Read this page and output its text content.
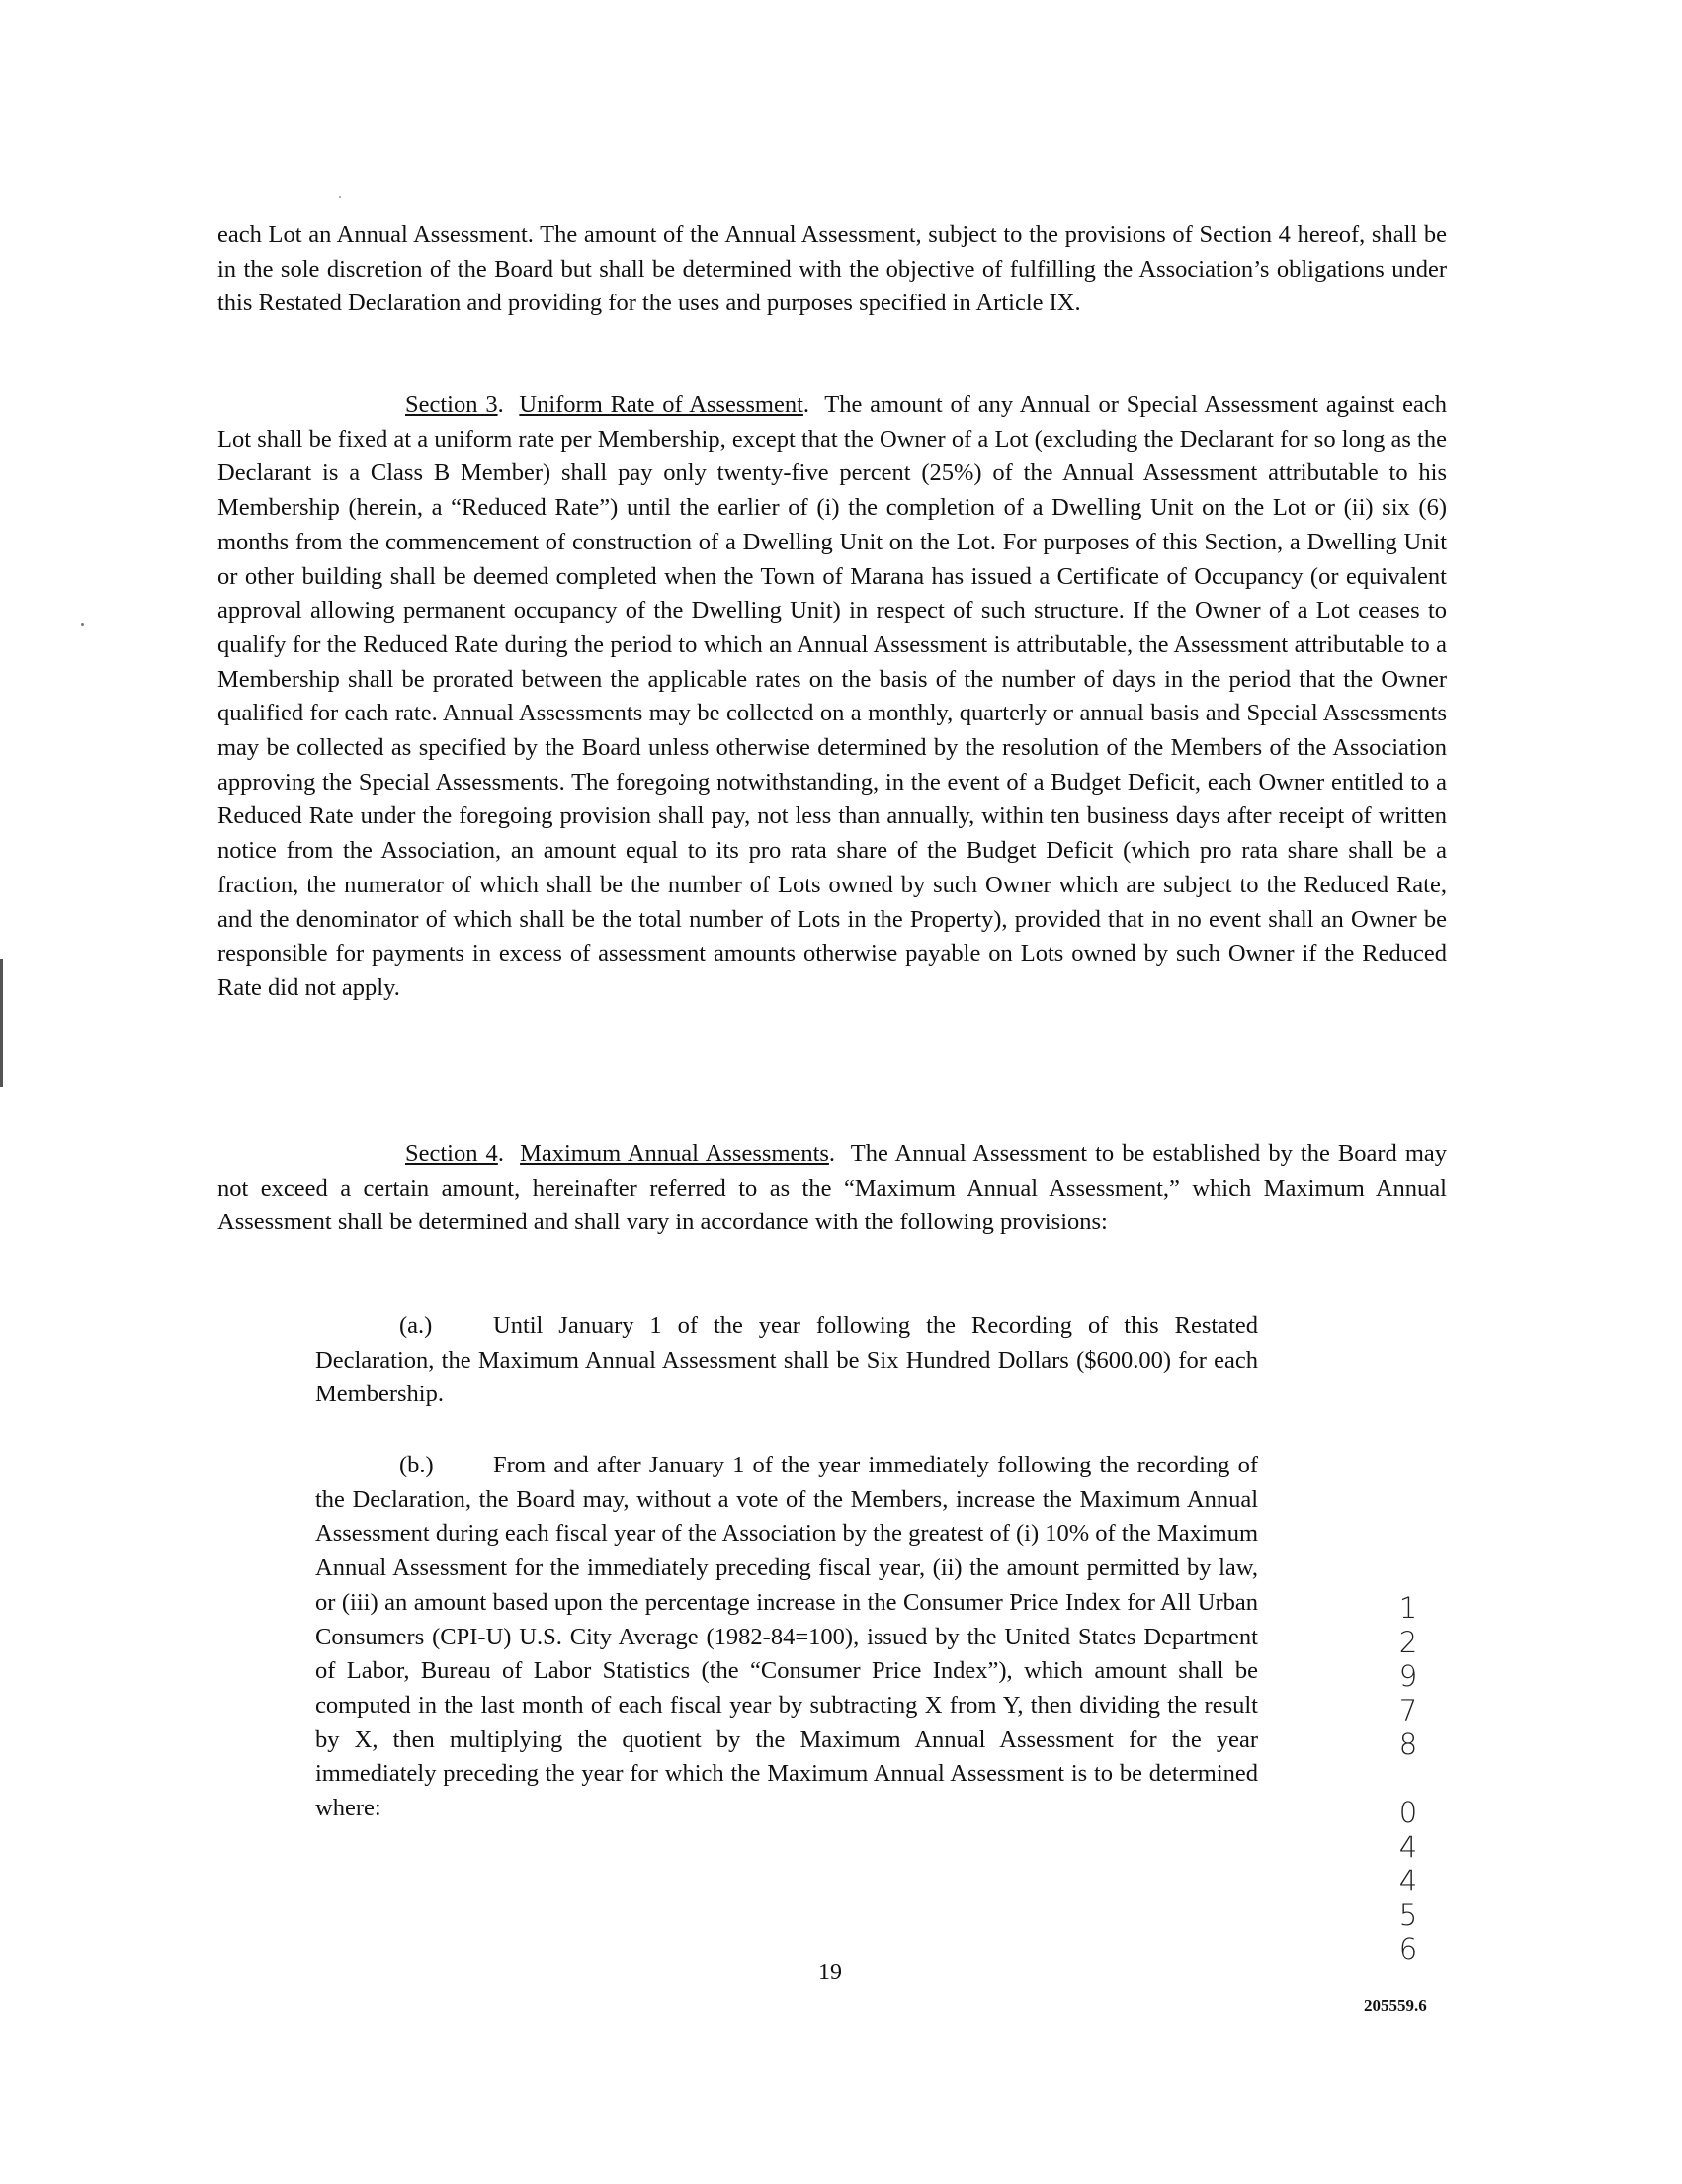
each Lot an Annual Assessment. The amount of the Annual Assessment, subject to the provisions of Section 4 hereof, shall be in the sole discretion of the Board but shall be determined with the objective of fulfilling the Association’s obligations under this Restated Declaration and providing for the uses and purposes specified in Article IX.

Section 3.  Uniform Rate of Assessment.  The amount of any Annual or Special Assessment against each Lot shall be fixed at a uniform rate per Membership, except that the Owner of a Lot (excluding the Declarant for so long as the Declarant is a Class B Member) shall pay only twenty-five percent (25%) of the Annual Assessment attributable to his Membership (herein, a “Reduced Rate”) until the earlier of (i) the completion of a Dwelling Unit on the Lot or (ii) six (6) months from the commencement of construction of a Dwelling Unit on the Lot. For purposes of this Section, a Dwelling Unit or other building shall be deemed completed when the Town of Marana has issued a Certificate of Occupancy (or equivalent approval allowing permanent occupancy of the Dwelling Unit) in respect of such structure. If the Owner of a Lot ceases to qualify for the Reduced Rate during the period to which an Annual Assessment is attributable, the Assessment attributable to a Membership shall be prorated between the applicable rates on the basis of the number of days in the period that the Owner qualified for each rate. Annual Assessments may be collected on a monthly, quarterly or annual basis and Special Assessments may be collected as specified by the Board unless otherwise determined by the resolution of the Members of the Association approving the Special Assessments. The foregoing notwithstanding, in the event of a Budget Deficit, each Owner entitled to a Reduced Rate under the foregoing provision shall pay, not less than annually, within ten business days after receipt of written notice from the Association, an amount equal to its pro rata share of the Budget Deficit (which pro rata share shall be a fraction, the numerator of which shall be the number of Lots owned by such Owner which are subject to the Reduced Rate, and the denominator of which shall be the total number of Lots in the Property), provided that in no event shall an Owner be responsible for payments in excess of assessment amounts otherwise payable on Lots owned by such Owner if the Reduced Rate did not apply.

Section 4.  Maximum Annual Assessments.  The Annual Assessment to be established by the Board may not exceed a certain amount, hereinafter referred to as the “Maximum Annual Assessment,” which Maximum Annual Assessment shall be determined and shall vary in accordance with the following provisions:

(a.)	Until January 1 of the year following the Recording of this Restated Declaration, the Maximum Annual Assessment shall be Six Hundred Dollars ($600.00) for each Membership.

(b.) From and after January 1 of the year immediately following the recording of the Declaration, the Board may, without a vote of the Members, increase the Maximum Annual Assessment during each fiscal year of the Association by the greatest of (i) 10% of the Maximum Annual Assessment for the immediately preceding fiscal year, (ii) the amount permitted by law, or (iii) an amount based upon the percentage increase in the Consumer Price Index for All Urban Consumers (CPI-U) U.S. City Average (1982-84=100), issued by the United States Department of Labor, Bureau of Labor Statistics (the “Consumer Price Index”), which amount shall be computed in the last month of each fiscal year by subtracting X from Y, then dividing the result by X, then multiplying the quotient by the Maximum Annual Assessment for the year immediately preceding the year for which the Maximum Annual Assessment is to be determined where:

1
2
9
7
8

0
4
4
5
6
19
205559.6
